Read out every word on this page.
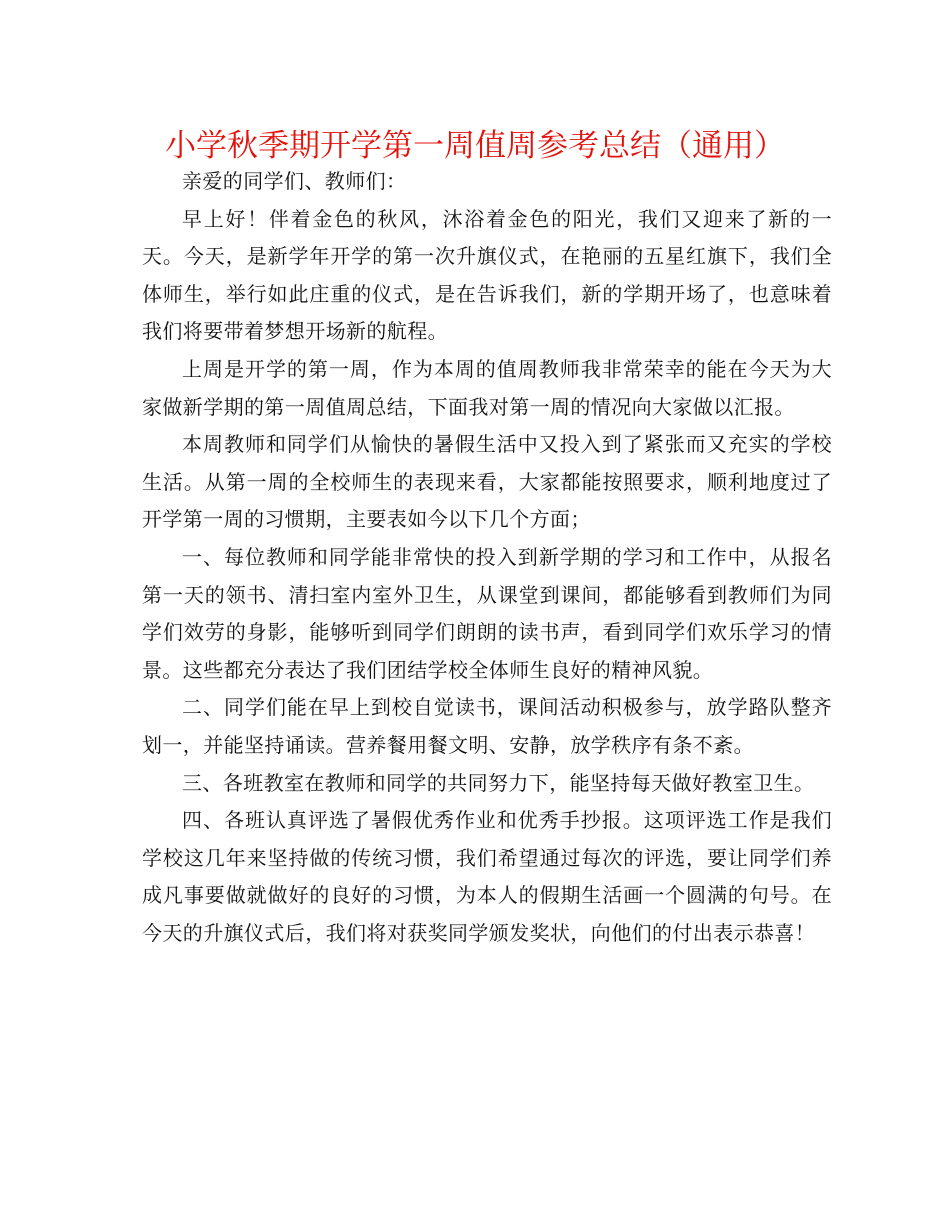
小学秋季期开学第一周值周参考总结（通用）

亲爱的同学们、教师们：

早上好！伴着金色的秋风，沐浴着金色的阳光，我们又迎来了新的一天。今天，是新学年开学的第一次升旗仪式，在艳丽的五星红旗下，我们全体师生，举行如此庄重的仪式，是在告诉我们，新的学期开场了，也意味着我们将要带着梦想开场新的航程。

上周是开学的第一周，作为本周的值周教师我非常荣幸的能在今天为大家做新学期的第一周值周总结，下面我对第一周的情况向大家做以汇报。

本周教师和同学们从愉快的暑假生活中又投入到了紧张而又充实的学校生活。从第一周的全校师生的表现来看，大家都能按照要求，顺利地度过了开学第一周的习惯期，主要表如今以下几个方面；

一、每位教师和同学能非常快的投入到新学期的学习和工作中，从报名第一天的领书、清扫室内室外卫生，从课堂到课间，都能够看到教师们为同学们效劳的身影，能够听到同学们朗朗的读书声，看到同学们欢乐学习的情景。这些都充分表达了我们团结学校全体师生良好的精神风貌。

二、同学们能在早上到校自觉读书，课间活动积极参与，放学路队整齐划一，并能坚持诵读。营养餐用餐文明、安静，放学秩序有条不紊。

三、各班教室在教师和同学的共同努力下，能坚持每天做好教室卫生。

四、各班认真评选了暑假优秀作业和优秀手抄报。这项评选工作是我们学校这几年来坚持做的传统习惯，我们希望通过每次的评选，要让同学们养成凡事要做就做好的良好的习惯，为本人的假期生活画一个圆满的句号。在今天的升旗仪式后，我们将对获奖同学颁发奖状，向他们的付出表示恭喜！
